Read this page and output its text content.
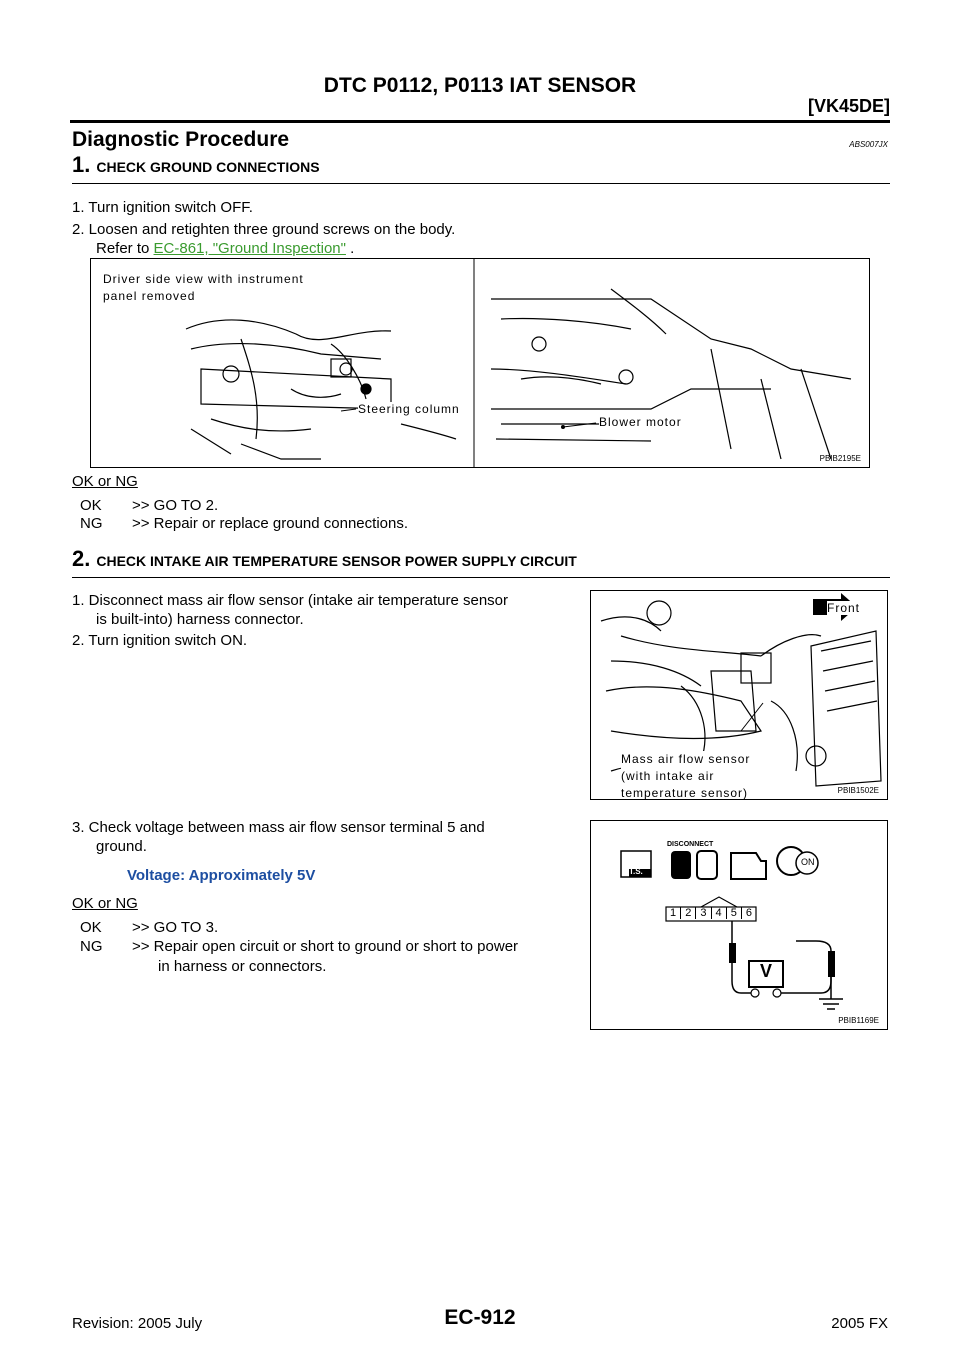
DTC P0112, P0113 IAT SENSOR
[VK45DE]
Diagnostic Procedure	ABS007JX
1. CHECK GROUND CONNECTIONS
1. Turn ignition switch OFF.
2. Loosen and retighten three ground screws on the body.
Refer to EC-861, "Ground Inspection" .
Driver side view with instrument panel removed
Steering column
Blower motor
PBIB2195E
OK or NG
OK	>> GO TO 2.
NG	>> Repair or replace ground connections.
2. CHECK INTAKE AIR TEMPERATURE SENSOR POWER SUPPLY CIRCUIT
1. Disconnect mass air flow sensor (intake air temperature sensor
is built-into) harness connector.
2. Turn ignition switch ON.
Front
Mass air flow sensor
(with intake air
temperature sensor)	PBIB1502E
3. Check voltage between mass air flow sensor terminal 5 and
ground.
Voltage: Approximately 5V
OK or NG
OK	>> GO TO 3.
NG	>> Repair open circuit or short to ground or short to power
in harness or connectors.
DISCONNECT
T.S.
ON
1 2 3 4 5 6
V
PBIB1169E
Revision: 2005 July	EC-912	2005 FX
